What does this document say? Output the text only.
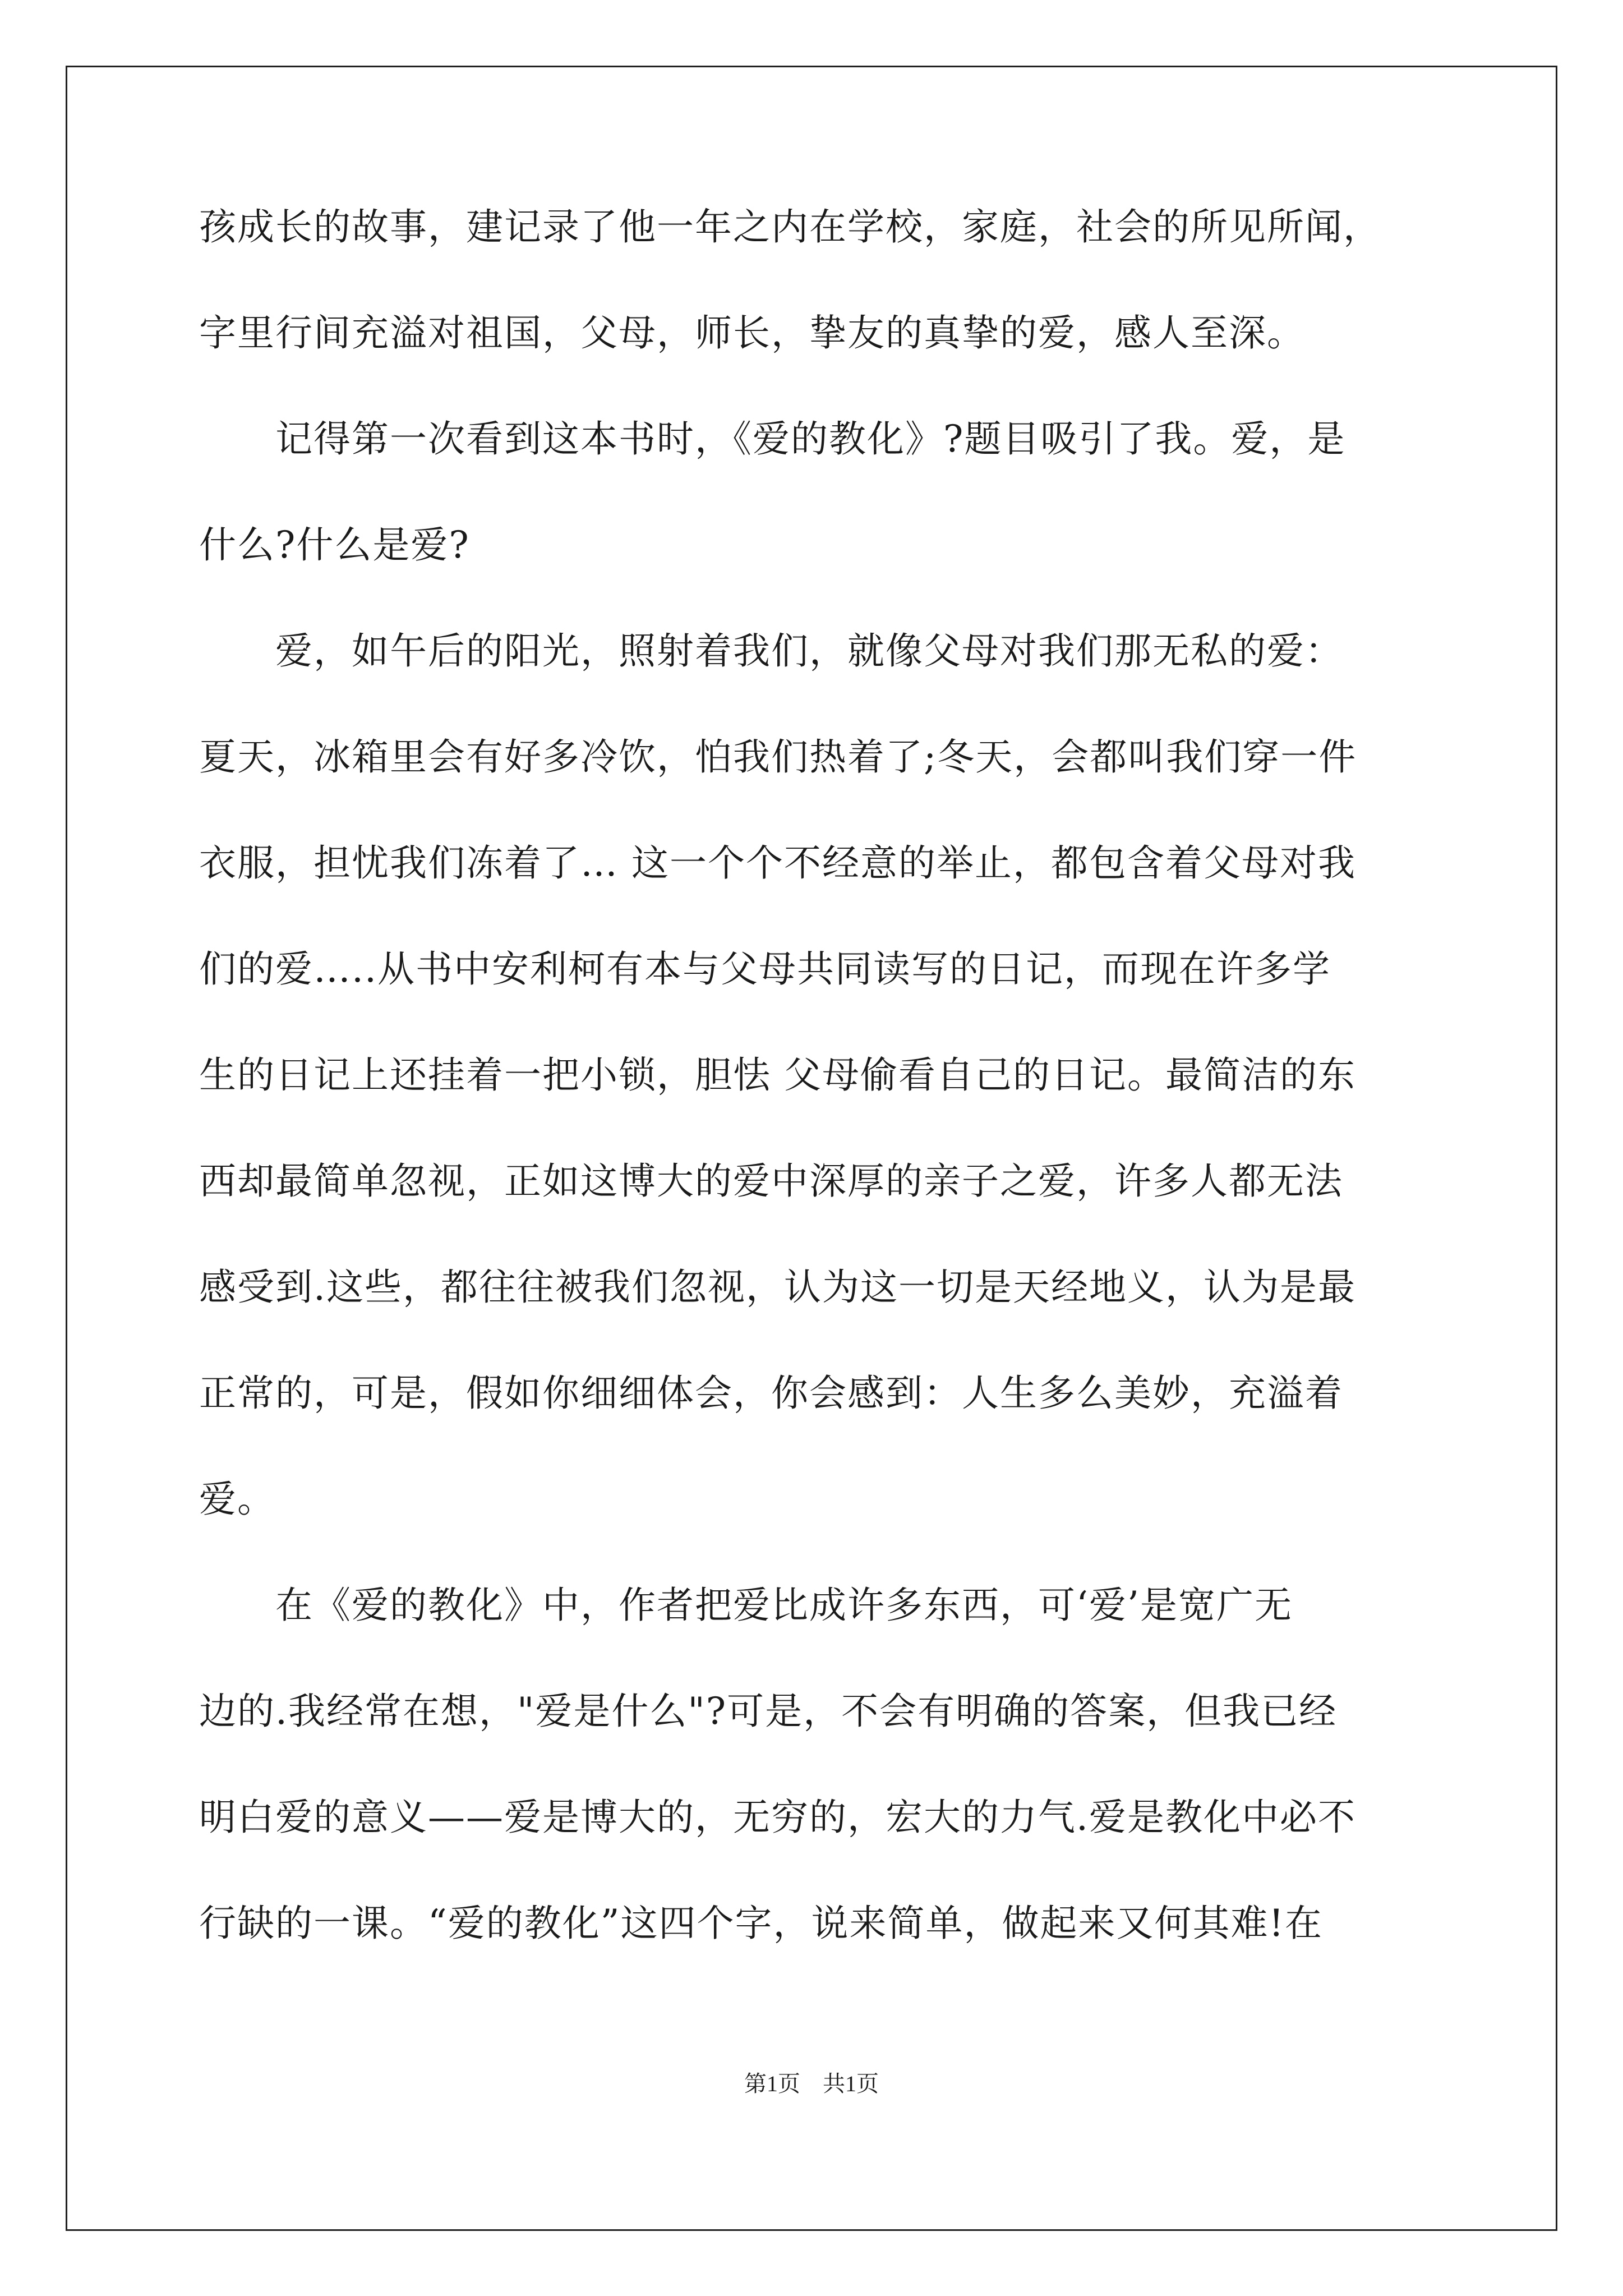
孩成长的故事，建记录了他一年之内在学校，家庭，社会的所见所闻，
字里行间充溢对祖国，父母，师长，挚友的真挚的爱，感人至深。
　　记得第一次看到这本书时，《爱的教化》?题目吸引了我。爱，是
什么?什么是爱?
　　爱，如午后的阳光，照射着我们，就像父母对我们那无私的爱：
夏天，冰箱里会有好多冷饮，怕我们热着了;冬天，会都叫我们穿一件
衣服，担忧我们冻着了… 这一个个不经意的举止，都包含着父母对我
们的爱…..从书中安利柯有本与父母共同读写的日记，而现在许多学
生的日记上还挂着一把小锁，胆怯 父母偷看自己的日记。最简洁的东
西却最简单忽视，正如这博大的爱中深厚的亲子之爱，许多人都无法
感受到.这些，都往往被我们忽视，认为这一切是天经地义，认为是最
正常的，可是，假如你细细体会，你会感到：人生多么美妙，充溢着
爱。
　　在《爱的教化》中，作者把爱比成许多东西，可‘爱’是宽广无
边的.我经常在想，"爱是什么"?可是，不会有明确的答案，但我已经
明白爱的意义——爱是博大的，无穷的，宏大的力气.爱是教化中必不
行缺的一课。“爱的教化”这四个字，说来简单，做起来又何其难!在
第1页　共1页
